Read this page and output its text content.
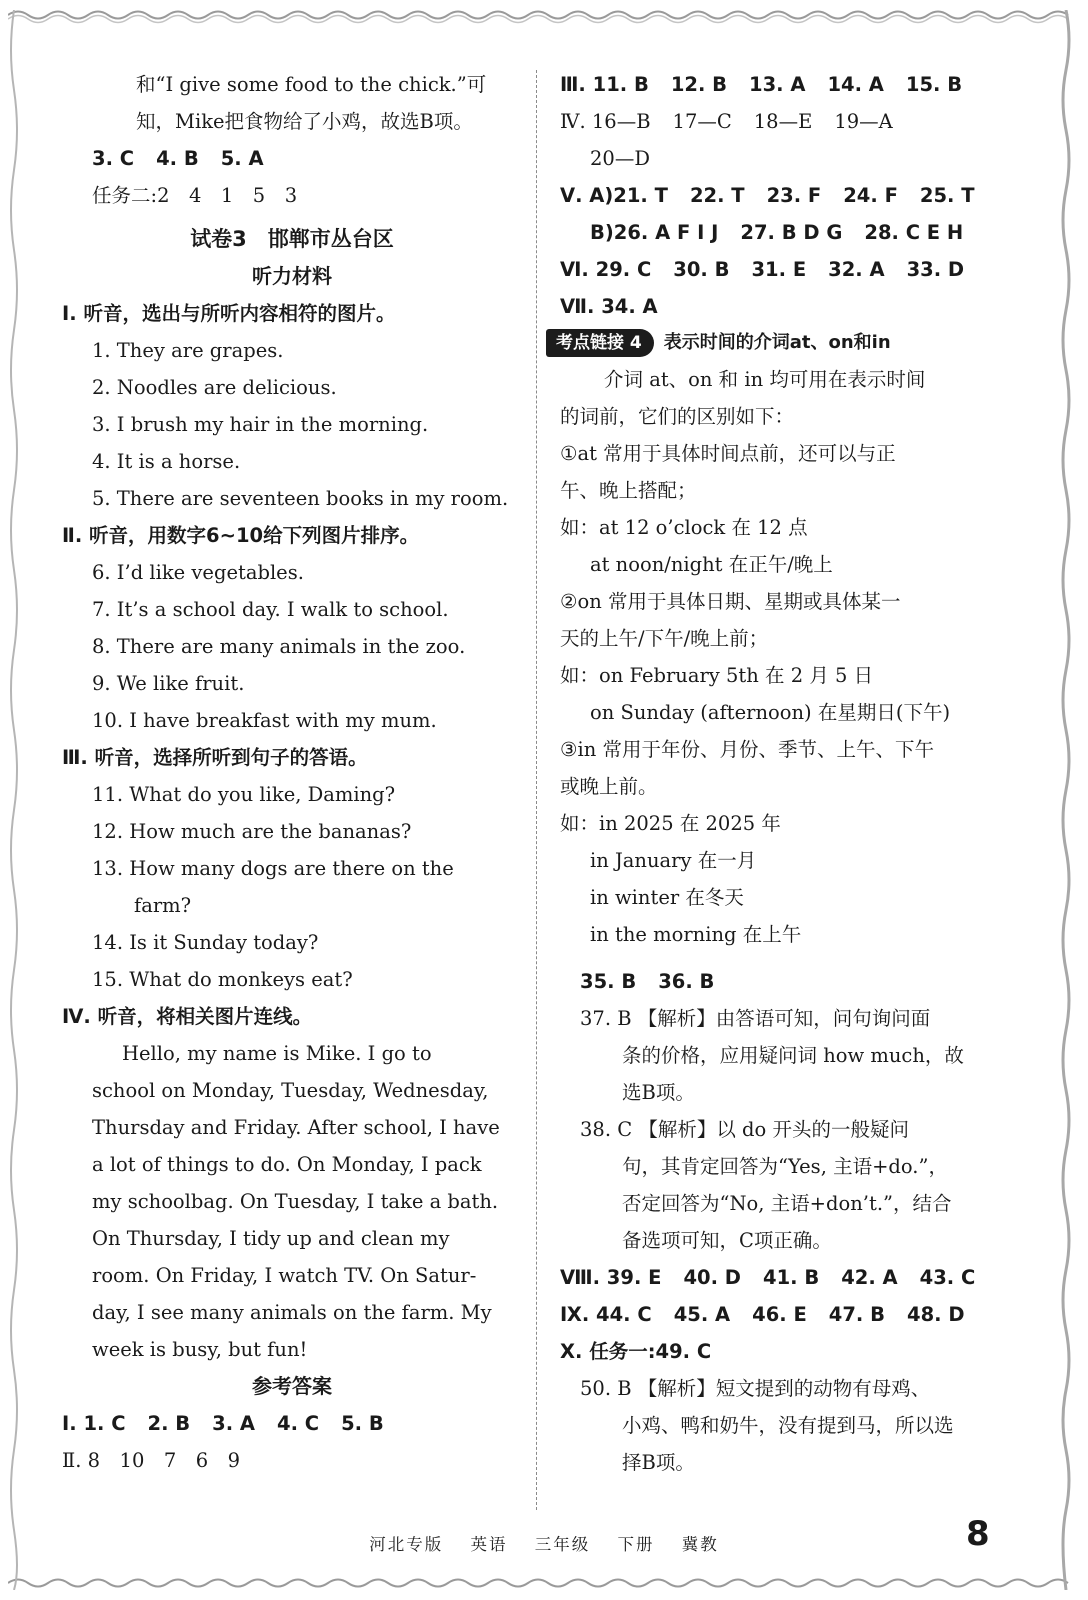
和“I give some food to the chick.”可
知，Mike把食物给了小鸡，故选B项。
3. C 4. B 5. A
任务二:2　4　1　5　3
试卷3　邯郸市丛台区
听力材料
Ⅰ. 听音，选出与所听内容相符的图片。
1. They are grapes.
2. Noodles are delicious.
3. I brush my hair in the morning.
4. It is a horse.
5. There are seventeen books in my room.
Ⅱ. 听音，用数字6~10给下列图片排序。
6. I’d like vegetables.
7. It’s a school day. I walk to school.
8. There are many animals in the zoo.
9. We like fruit.
10. I have breakfast with my mum.
Ⅲ. 听音，选择所听到句子的答语。
11. What do you like, Daming?
12. How much are the bananas?
13. How many dogs are there on the
farm?
14. Is it Sunday today?
15. What do monkeys eat?
Ⅳ. 听音，将相关图片连线。
Hello, my name is Mike. I go to
school on Monday, Tuesday, Wednesday,
Thursday and Friday. After school, I have
a lot of things to do. On Monday, I pack
my schoolbag. On Tuesday, I take a bath.
On Thursday, I tidy up and clean my
room. On Friday, I watch TV. On Satur-
day, I see many animals on the farm. My
week is busy, but fun!
参考答案
Ⅰ. 1. C 2. B 3. A 4. C 5. B
Ⅱ. 8　10　7　6　9
Ⅲ. 11. B 12. B 13. A 14. A 15. B
Ⅳ. 16—B 17—C 18—E 19—A
20—D
Ⅴ. A)21. T 22. T 23. F 24. F 25. T
B)26. A F I J 27. B D G 28. C E H
Ⅵ. 29. C 30. B 31. E 32. A 33. D
Ⅶ. 34. A
考点链接 4 表示时间的介词at、on和in
介词 at、on 和 in 均可用在表示时间
的词前，它们的区别如下：
①at 常用于具体时间点前，还可以与正
午、晚上搭配；
如：at 12 o’clock 在 12 点
at noon/night 在正午/晚上
②on 常用于具体日期、星期或具体某一
天的上午/下午/晚上前；
如：on February 5th 在 2 月 5 日
on Sunday (afternoon) 在星期日(下午)
③in 常用于年份、月份、季节、上午、下午
或晚上前。
如：in 2025 在 2025 年
in January 在一月
in winter 在冬天
in the morning 在上午
35. B 36. B
37. B 【解析】由答语可知，问句询问面
条的价格，应用疑问词 how much，故
选B项。
38. C 【解析】以 do 开头的一般疑问
句，其肯定回答为“Yes, 主语+do.”，
否定回答为“No, 主语+don’t.”，结合
备选项可知，C项正确。
Ⅷ. 39. E 40. D 41. B 42. A 43. C
Ⅸ. 44. C 45. A 46. E 47. B 48. D
Ⅹ. 任务一:49. C
50. B 【解析】短文提到的动物有母鸡、
小鸡、鸭和奶牛，没有提到马，所以选
择B项。
河北专版 英语 三年级 下册 冀教	8
